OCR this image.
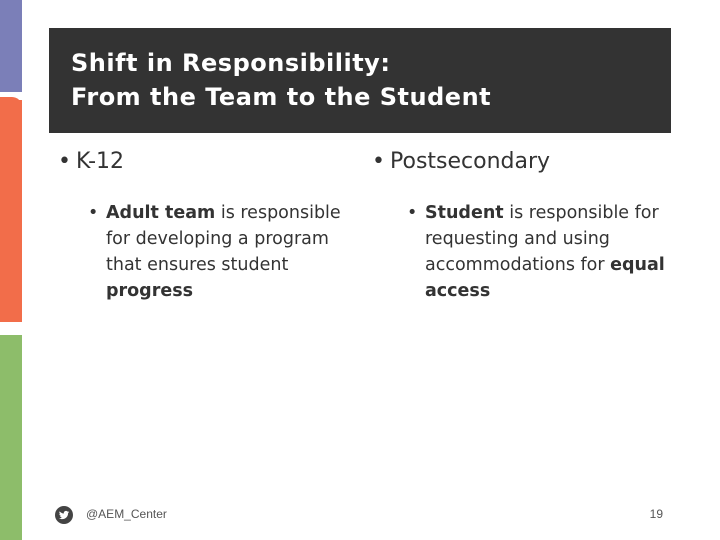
Shift in Responsibility:
From the Team to the Student
• K-12
• Adult team is responsible for developing a program that ensures student progress
• Postsecondary
• Student is responsible for requesting and using accommodations for equal access
@AEM_Center	19
